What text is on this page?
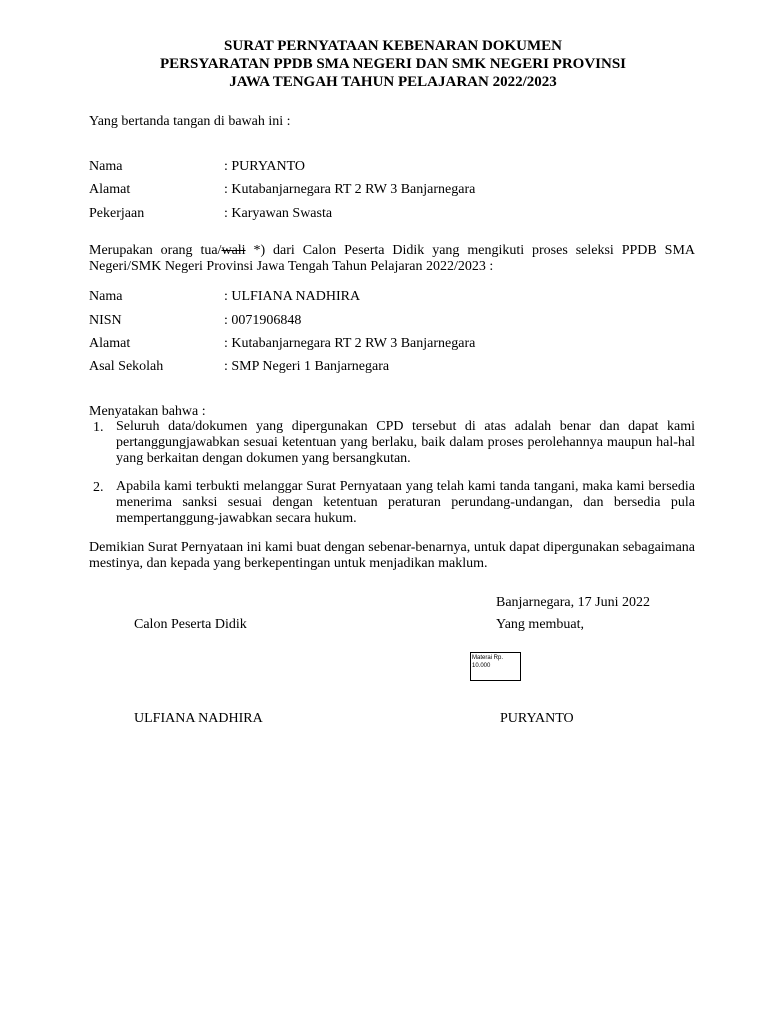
SURAT PERNYATAAN KEBENARAN DOKUMEN
PERSYARATAN PPDB SMA NEGERI DAN SMK NEGERI PROVINSI
JAWA TENGAH TAHUN PELAJARAN 2022/2023
Yang bertanda tangan di bawah ini :
Nama	: PURYANTO
Alamat	: Kutabanjarnegara RT 2 RW 3 Banjarnegara
Pekerjaan	: Karyawan Swasta
Merupakan orang tua/wali *) dari Calon Peserta Didik yang mengikuti proses seleksi PPDB SMA Negeri/SMK Negeri Provinsi Jawa Tengah Tahun Pelajaran 2022/2023 :
Nama	: ULFIANA NADHIRA
NISN	: 0071906848
Alamat	: Kutabanjarnegara RT 2 RW 3 Banjarnegara
Asal Sekolah	: SMP Negeri 1 Banjarnegara
Menyatakan bahwa :
1. Seluruh data/dokumen yang dipergunakan CPD tersebut di atas adalah benar dan dapat kami pertanggungjawabkan sesuai ketentuan yang berlaku, baik dalam proses perolehannya maupun hal-hal yang berkaitan dengan dokumen yang bersangkutan.
2. Apabila kami terbukti melanggar Surat Pernyataan yang telah kami tanda tangani, maka kami bersedia menerima sanksi sesuai dengan ketentuan peraturan perundang-undangan, dan bersedia pula mempertanggung-jawabkan secara hukum.
Demikian Surat Pernyataan ini kami buat dengan sebenar-benarnya, untuk dapat dipergunakan sebagaimana mestinya, dan kepada yang berkepentingan untuk menjadikan maklum.
Banjarnegara, 17 Juni 2022
Calon Peserta Didik	Yang membuat,
Materai Rp.
10.000
ULFIANA NADHIRA	PURYANTO
